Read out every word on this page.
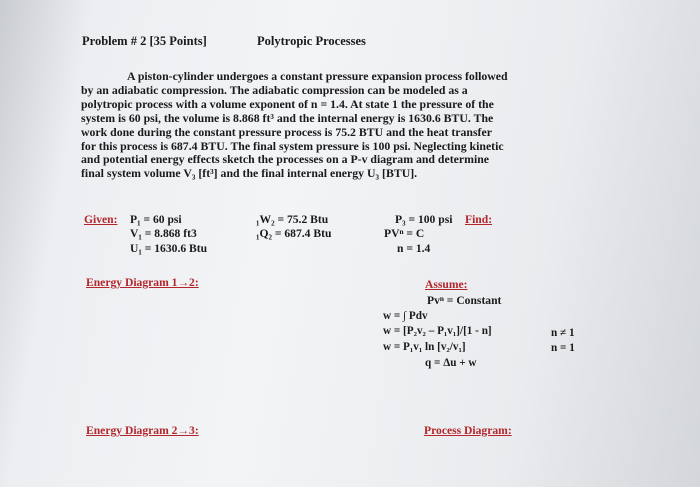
Problem # 2 [35 Points]	Polytropic Processes
A piston-cylinder undergoes a constant pressure expansion process followed
by an adiabatic compression. The adiabatic compression can be modeled as a
polytropic process with a volume exponent of n = 1.4. At state 1 the pressure of the
system is 60 psi, the volume is 8.868 ft³ and the internal energy is 1630.6 BTU. The
work done during the constant pressure process is 75.2 BTU and the heat transfer
for this process is 687.4 BTU. The final system pressure is 100 psi. Neglecting kinetic
and potential energy effects sketch the processes on a P-v diagram and determine
final system volume V₃ [ft³] and the final internal energy U₃ [BTU].
Given: P₁ = 60 psi
V₁ = 8.868 ft3
U₁ = 1630.6 Btu
₁W₂ = 75.2 Btu
₁Q₂ = 687.4 Btu
P₃ = 100 psi Find:
PVⁿ = C
n = 1.4
Energy Diagram 1→2:	Assume:
Pvⁿ = Constant
w = ∫ Pdv
w = [P₂v₂ – P₁v₁]/[1 - n]
w = P₁v₁ ln [v₂/v₁]
q = Δu + w
n ≠ 1
n = 1
Energy Diagram 2→3:	Process Diagram:
